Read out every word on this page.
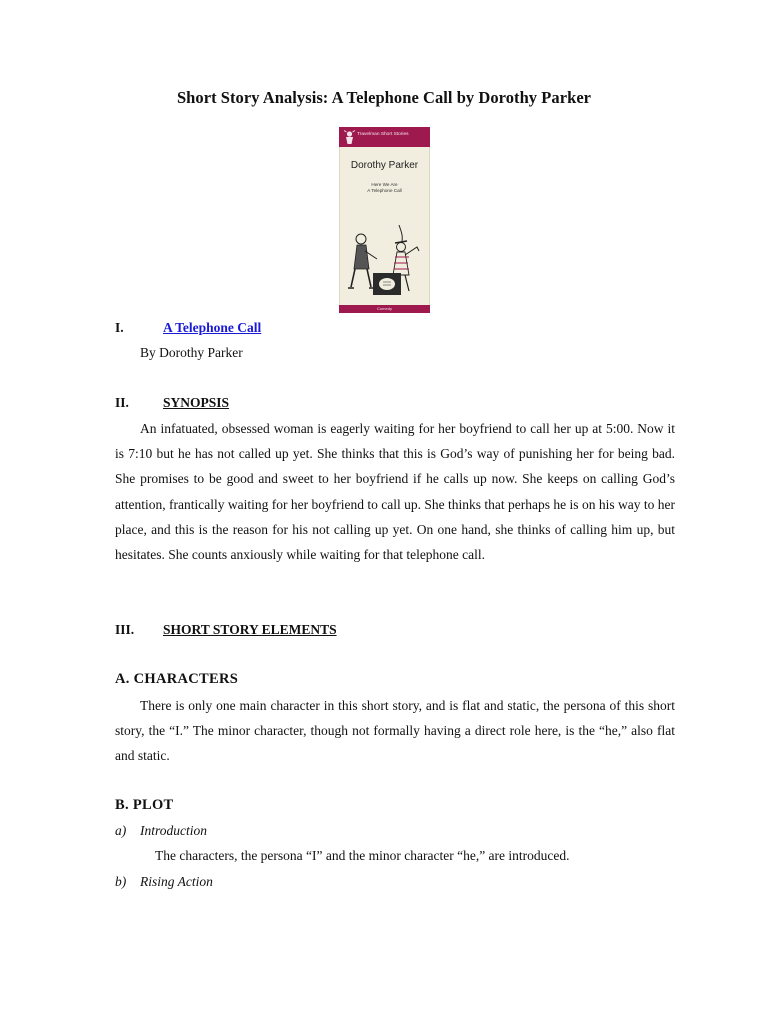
Short Story Analysis: A Telephone Call by Dorothy Parker
Travelman Short Stories
Dorothy Parker
Here We Are
A Telephone Call
Comedy
I.	A Telephone Call
By Dorothy Parker
II.	SYNOPSIS
An infatuated, obsessed woman is eagerly waiting for her boyfriend to call her up at 5:00. Now it is 7:10 but he has not called up yet. She thinks that this is God’s way of punishing her for being bad. She promises to be good and sweet to her boyfriend if he calls up now. She keeps on calling God’s attention, frantically waiting for her boyfriend to call up. She thinks that perhaps he is on his way to her place, and this is the reason for his not calling up yet. On one hand, she thinks of calling him up, but hesitates. She counts anxiously while waiting for that telephone call.
III. SHORT STORY ELEMENTS
A. CHARACTERS
There is only one main character in this short story, and is flat and static, the persona of this short story, the “I.” The minor character, though not formally having a direct role here, is the “he,” also flat and static.
B. PLOT
a) Introduction
The characters, the persona “I” and the minor character “he,” are introduced.
b) Rising Action
